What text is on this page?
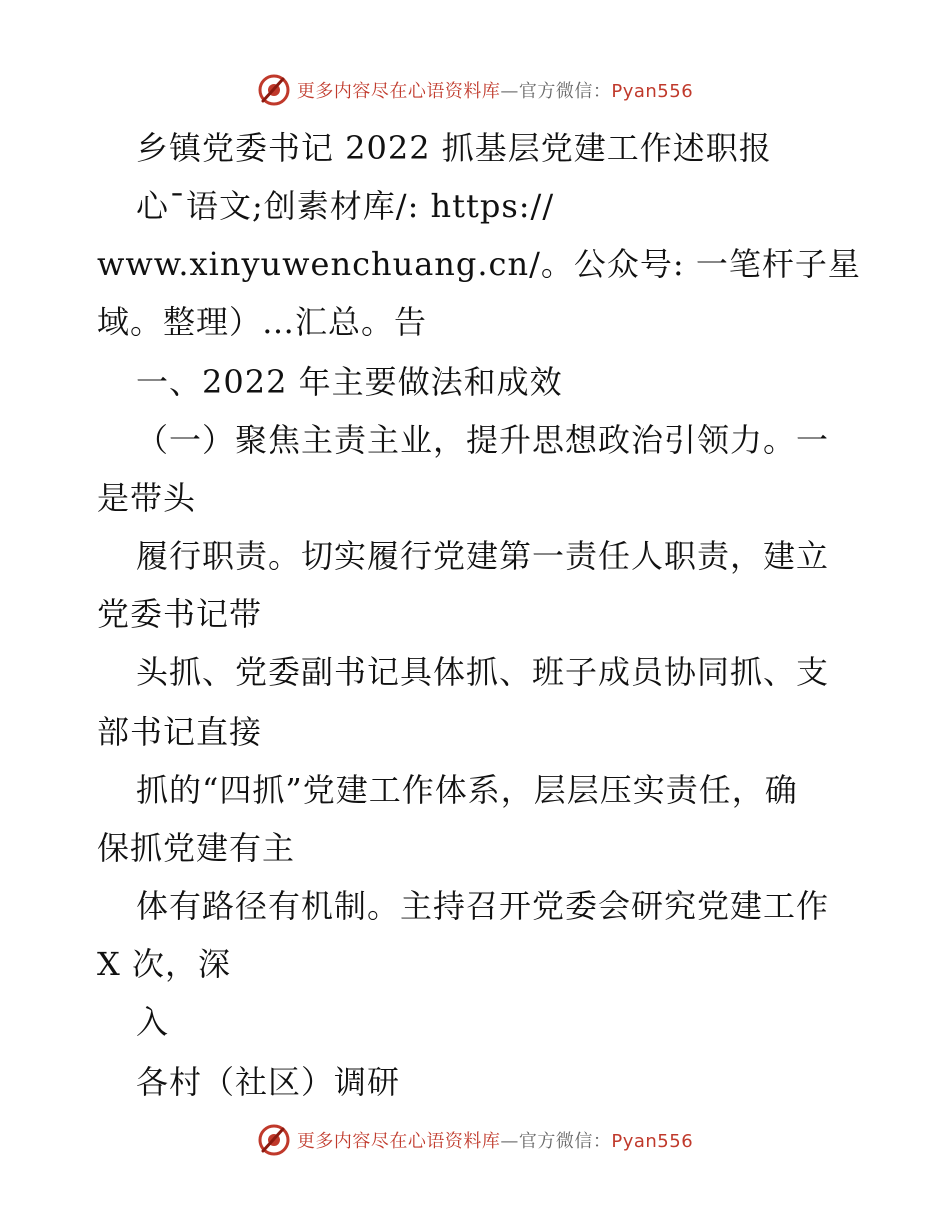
更多内容尽在心语资料库—官方微信：Pyan556
乡镇党委书记 2022 抓基层党建工作述职报
心¯语文;创素材库/: https://
www.xinyuwenchuang.cn/。公众号: 一笔杆子星
域。整理）…汇总。告
一、2022 年主要做法和成效
（一）聚焦主责主业，提升思想政治引领力。一
是带头
履行职责。切实履行党建第一责任人职责，建立
党委书记带
头抓、党委副书记具体抓、班子成员协同抓、支
部书记直接
抓的“四抓”党建工作体系，层层压实责任，确
保抓党建有主
体有路径有机制。主持召开党委会研究党建工作
X 次，深
入
各村（社区）调研
更多内容尽在心语资料库—官方微信：Pyan556
